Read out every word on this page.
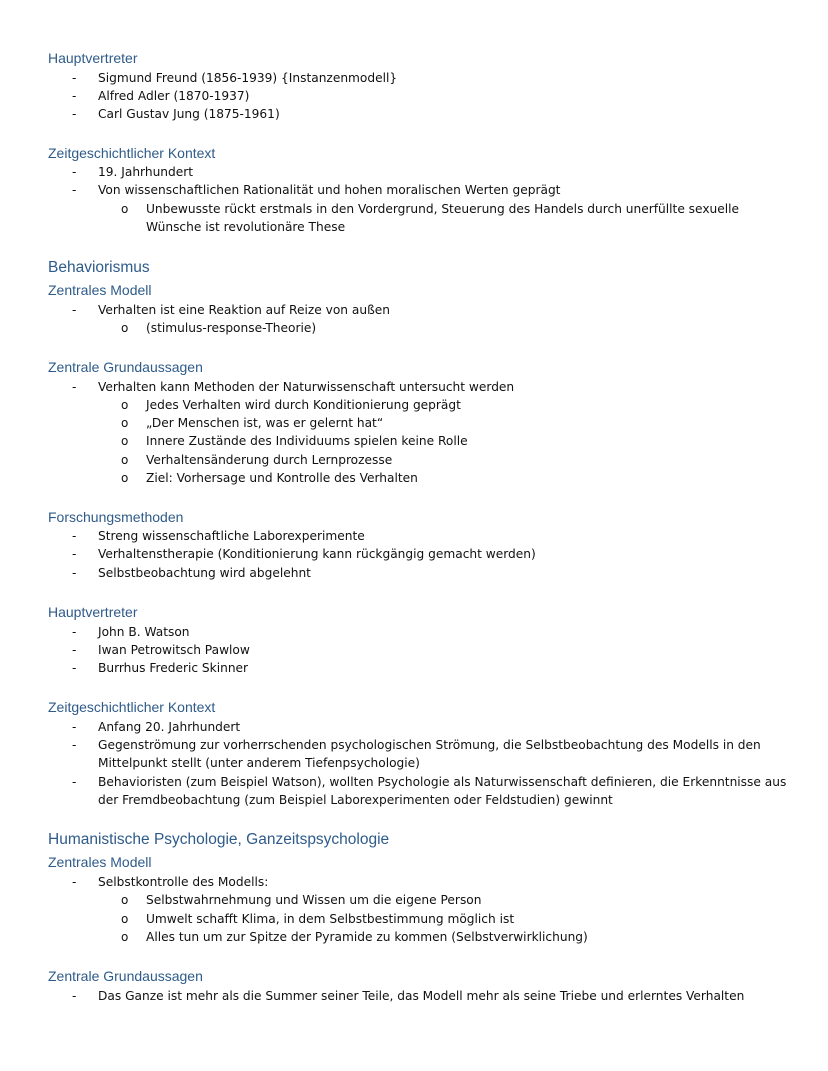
Hauptvertreter
- Sigmund Freund (1856-1939) {Instanzenmodell}
- Alfred Adler (1870-1937)
- Carl Gustav Jung (1875-1961)
Zeitgeschichtlicher Kontext
- 19. Jahrhundert
- Von wissenschaftlichen Rationalität und hohen moralischen Werten geprägt
o Unbewusste rückt erstmals in den Vordergrund, Steuerung des Handels durch unerfüllte sexuelle
Wünsche ist revolutionäre These
Behaviorismus
Zentrales Modell
- Verhalten ist eine Reaktion auf Reize von außen
o (stimulus-response-Theorie)
Zentrale Grundaussagen
- Verhalten kann Methoden der Naturwissenschaft untersucht werden
o Jedes Verhalten wird durch Konditionierung geprägt
o „Der Menschen ist, was er gelernt hat“
o Innere Zustände des Individuums spielen keine Rolle
o Verhaltensänderung durch Lernprozesse
o Ziel: Vorhersage und Kontrolle des Verhalten
Forschungsmethoden
- Streng wissenschaftliche Laborexperimente
- Verhaltenstherapie (Konditionierung kann rückgängig gemacht werden)
- Selbstbeobachtung wird abgelehnt
Hauptvertreter
- John B. Watson
- Iwan Petrowitsch Pawlow
- Burrhus Frederic Skinner
Zeitgeschichtlicher Kontext
- Anfang 20. Jahrhundert
- Gegenströmung zur vorherrschenden psychologischen Strömung, die Selbstbeobachtung des Modells in den
Mittelpunkt stellt (unter anderem Tiefenpsychologie)
- Behavioristen (zum Beispiel Watson), wollten Psychologie als Naturwissenschaft definieren, die Erkenntnisse aus
der Fremdbeobachtung (zum Beispiel Laborexperimenten oder Feldstudien) gewinnt
Humanistische Psychologie, Ganzeitspsychologie
Zentrales Modell
- Selbstkontrolle des Modells:
o Selbstwahrnehmung und Wissen um die eigene Person
o Umwelt schafft Klima, in dem Selbstbestimmung möglich ist
o Alles tun um zur Spitze der Pyramide zu kommen (Selbstverwirklichung)
Zentrale Grundaussagen
- Das Ganze ist mehr als die Summer seiner Teile, das Modell mehr als seine Triebe und erlerntes Verhalten
